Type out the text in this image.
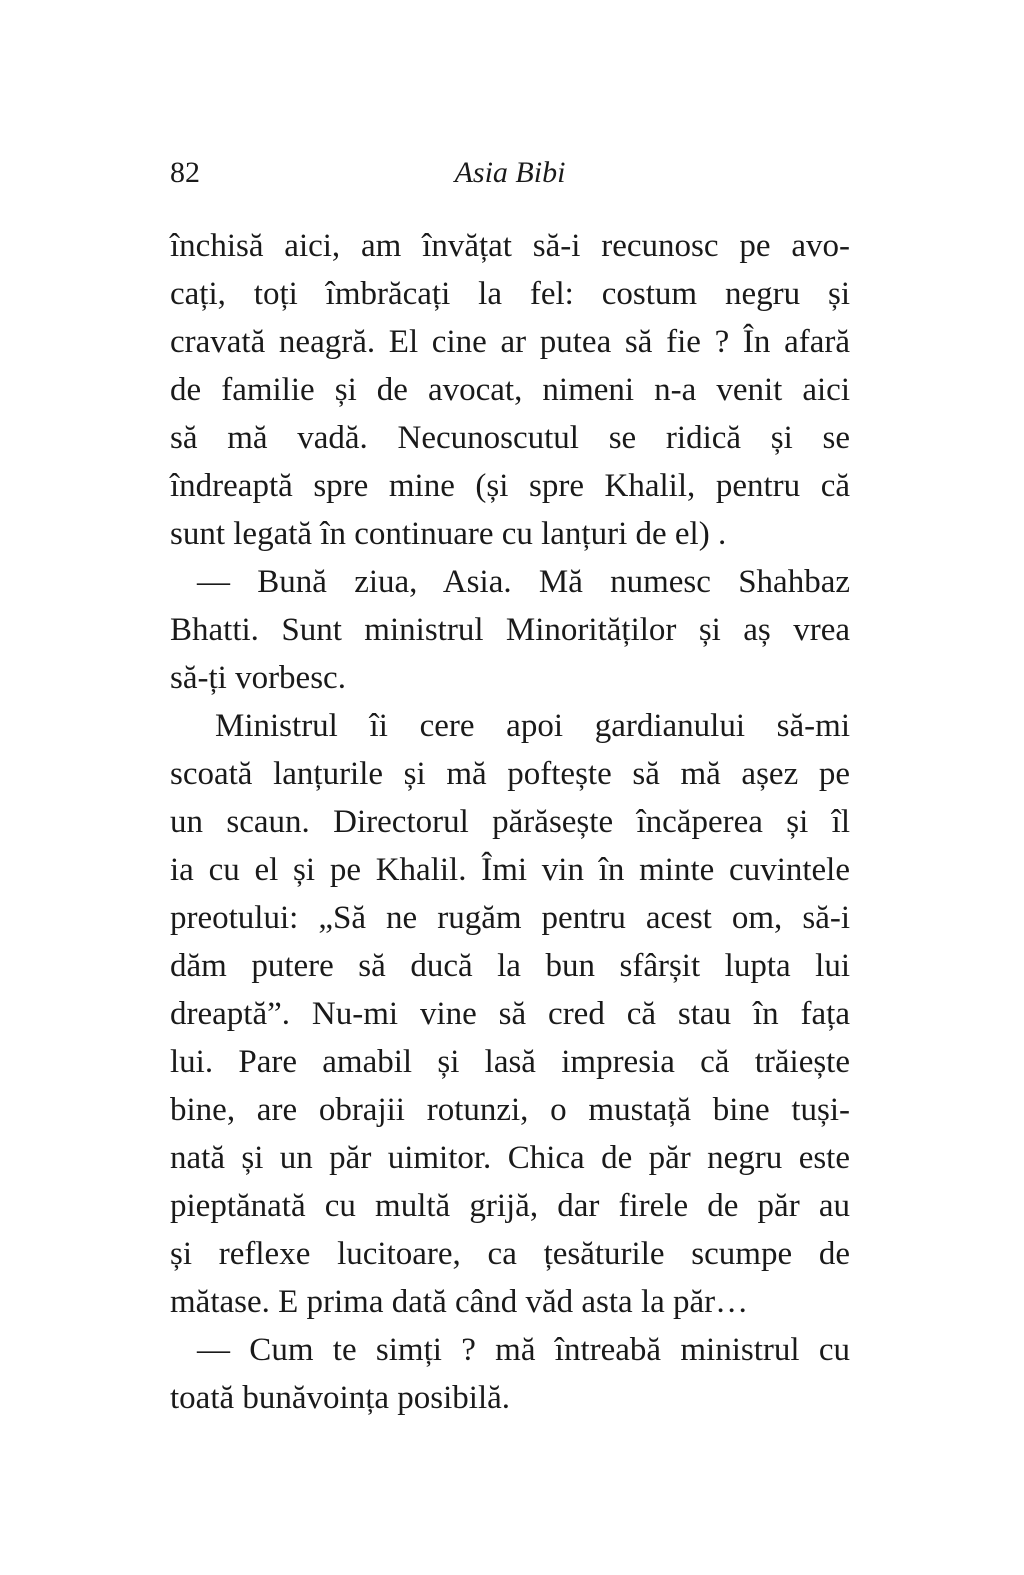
82	Asia Bibi
închisă aici, am învățat să-i recunosc pe avo-
cați, toți îmbrăcați la fel: costum negru și
cravată neagră. El cine ar putea să fie ? În afară
de familie și de avocat, nimeni n-a venit aici
să mă vadă. Necunoscutul se ridică și se
îndreaptă spre mine (și spre Khalil, pentru că
sunt legată în continuare cu lanțuri de el) .
— Bună ziua, Asia. Mă numesc Shahbaz
Bhatti. Sunt ministrul Minorităților și aș vrea
să-ți vorbesc.
Ministrul îi cere apoi gardianului să-mi
scoată lanțurile și mă poftește să mă așez pe
un scaun. Directorul părăsește încăperea și îl
ia cu el și pe Khalil. Îmi vin în minte cuvintele
preotului: „Să ne rugăm pentru acest om, să-i
dăm putere să ducă la bun sfârșit lupta lui
dreaptă”. Nu-mi vine să cred că stau în fața
lui. Pare amabil și lasă impresia că trăiește
bine, are obrajii rotunzi, o mustață bine tuși-
nată și un păr uimitor. Chica de păr negru este
pieptănată cu multă grijă, dar firele de păr au
și reflexe lucitoare, ca țesăturile scumpe de
mătase. E prima dată când văd asta la păr…
— Cum te simți ? mă întreabă ministrul cu
toată bunăvoința posibilă.
